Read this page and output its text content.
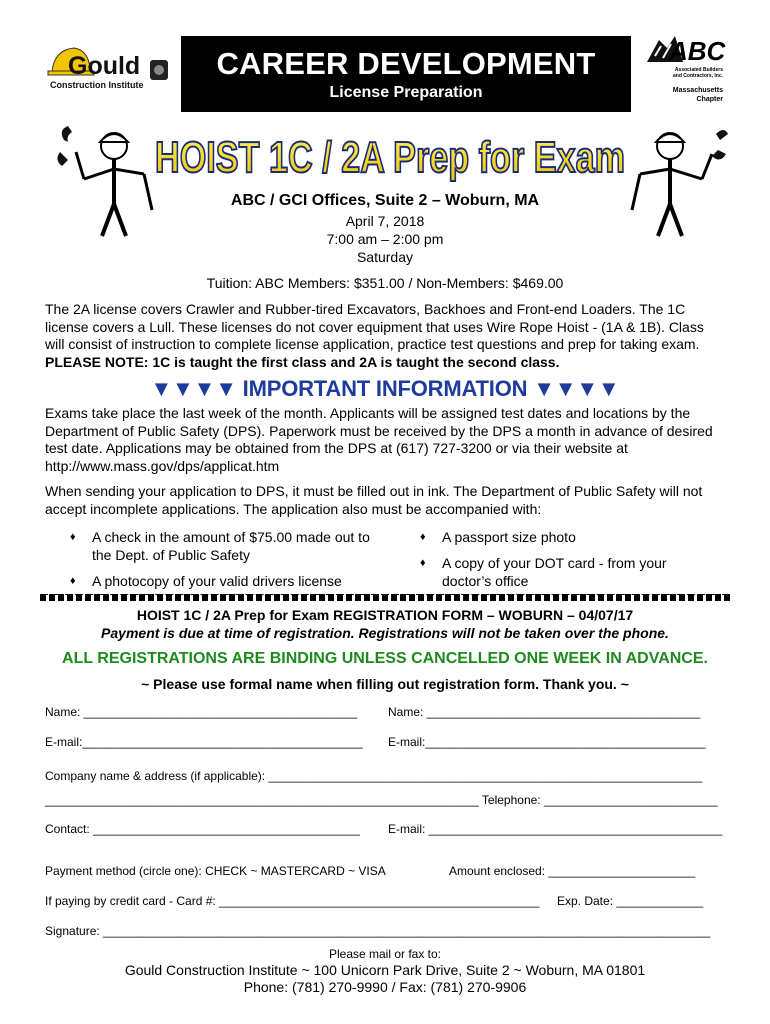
Gould
Construction Institute
CAREER DEVELOPMENT
License Preparation
ABC
Associated Builders and Contractors, Inc.
Massachusetts Chapter
HOIST 1C / 2A Prep for Exam
ABC / GCI Offices, Suite 2 – Woburn, MA
April 7, 2018
7:00 am – 2:00 pm
Saturday
Tuition: ABC Members: $351.00 / Non-Members: $469.00
The 2A license covers Crawler and Rubber-tired Excavators, Backhoes and Front-end Loaders. The 1C license covers a Lull. These licenses do not cover equipment that uses Wire Rope Hoist - (1A & 1B). Class will consist of instruction to complete license application, practice test questions and prep for taking exam. PLEASE NOTE: 1C is taught the first class and 2A is taught the second class.
▼▼▼▼ IMPORTANT INFORMATION ▼▼▼▼
Exams take place the last week of the month. Applicants will be assigned test dates and locations by the Department of Public Safety (DPS). Paperwork must be received by the DPS a month in advance of desired test date. Applications may be obtained from the DPS at (617) 727-3200 or via their website at http://www.mass.gov/dps/applicat.htm
When sending your application to DPS, it must be filled out in ink. The Department of Public Safety will not accept incomplete applications. The application also must be accompanied with:
♦ A check in the amount of $75.00 made out to the Dept. of Public Safety
♦ A photocopy of your valid drivers license
♦ A passport size photo
♦ A copy of your DOT card - from your doctor’s office
HOIST 1C / 2A Prep for Exam REGISTRATION FORM – WOBURN – 04/07/17
Payment is due at time of registration. Registrations will not be taken over the phone.
ALL REGISTRATIONS ARE BINDING UNLESS CANCELLED ONE WEEK IN ADVANCE.
~ Please use formal name when filling out registration form. Thank you. ~
Name: _________________________________________	Name: _________________________________________
E-mail:__________________________________________ E-mail:__________________________________________
Company name & address (if applicable): _________________________________________________________________
_________________________________________________________________ Telephone: __________________________
Contact: ________________________________________ E-mail: ____________________________________________
Payment method (circle one): CHECK ~ MASTERCARD ~ VISA	Amount enclosed: ______________________
If paying by credit card - Card #: ________________________________________________ Exp. Date: _____________
Signature: ___________________________________________________________________________________________
Please mail or fax to:
Gould Construction Institute ~ 100 Unicorn Park Drive, Suite 2 ~ Woburn, MA 01801
Phone: (781) 270-9990 / Fax: (781) 270-9906
